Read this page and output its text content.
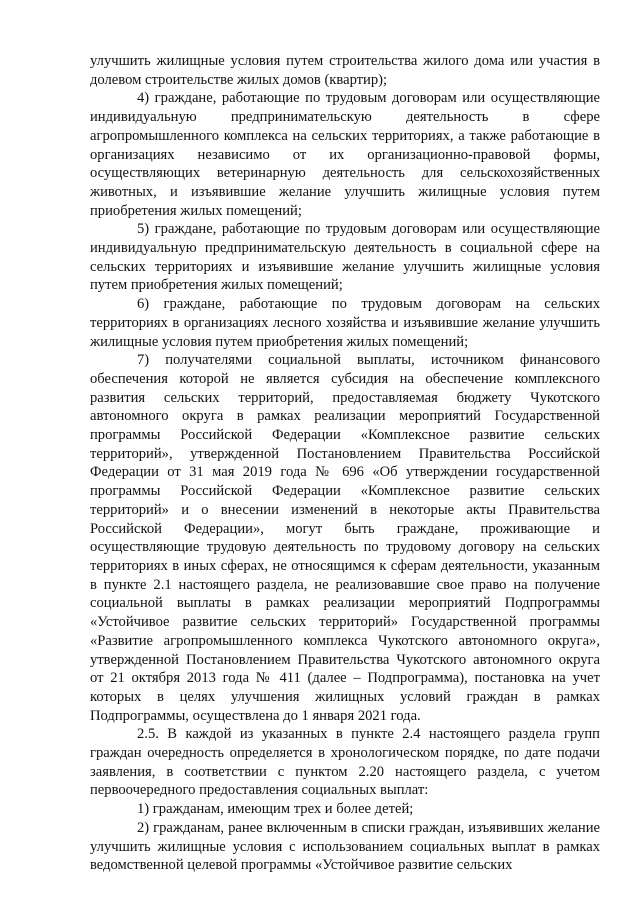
улучшить жилищные условия путем строительства жилого дома или участия в долевом строительстве жилых домов (квартир);

4) граждане, работающие по трудовым договорам или осуществляющие индивидуальную предпринимательскую деятельность в сфере агропромышленного комплекса на сельских территориях, а также работающие в организациях независимо от их организационно-правовой формы, осуществляющих ветеринарную деятельность для сельскохозяйственных животных, и изъявившие желание улучшить жилищные условия путем приобретения жилых помещений;

5) граждане, работающие по трудовым договорам или осуществляющие индивидуальную предпринимательскую деятельность в социальной сфере на сельских территориях и изъявившие желание улучшить жилищные условия путем приобретения жилых помещений;

6) граждане, работающие по трудовым договорам на сельских территориях в организациях лесного хозяйства и изъявившие желание улучшить жилищные условия путем приобретения жилых помещений;

7) получателями социальной выплаты, источником финансового обеспечения которой не является субсидия на обеспечение комплексного развития сельских территорий, предоставляемая бюджету Чукотского автономного округа в рамках реализации мероприятий Государственной программы Российской Федерации «Комплексное развитие сельских территорий», утвержденной Постановлением Правительства Российской Федерации от 31 мая 2019 года № 696 «Об утверждении государственной программы Российской Федерации «Комплексное развитие сельских территорий» и о внесении изменений в некоторые акты Правительства Российской Федерации», могут быть граждане, проживающие и осуществляющие трудовую деятельность по трудовому договору на сельских территориях в иных сферах, не относящимся к сферам деятельности, указанным в пункте 2.1 настоящего раздела, не реализовавшие свое право на получение социальной выплаты в рамках реализации мероприятий Подпрограммы «Устойчивое развитие сельских территорий» Государственной программы «Развитие агропромышленного комплекса Чукотского автономного округа», утвержденной Постановлением Правительства Чукотского автономного округа от 21 октября 2013 года № 411 (далее – Подпрограмма), постановка на учет которых в целях улучшения жилищных условий граждан в рамках Подпрограммы, осуществлена до 1 января 2021 года.

2.5. В каждой из указанных в пункте 2.4 настоящего раздела групп граждан очередность определяется в хронологическом порядке, по дате подачи заявления, в соответствии с пунктом 2.20 настоящего раздела, с учетом первоочередного предоставления социальных выплат:

1) гражданам, имеющим трех и более детей;

2) гражданам, ранее включенным в списки граждан, изъявивших желание улучшить жилищные условия с использованием социальных выплат в рамках ведомственной целевой программы «Устойчивое развитие сельских
